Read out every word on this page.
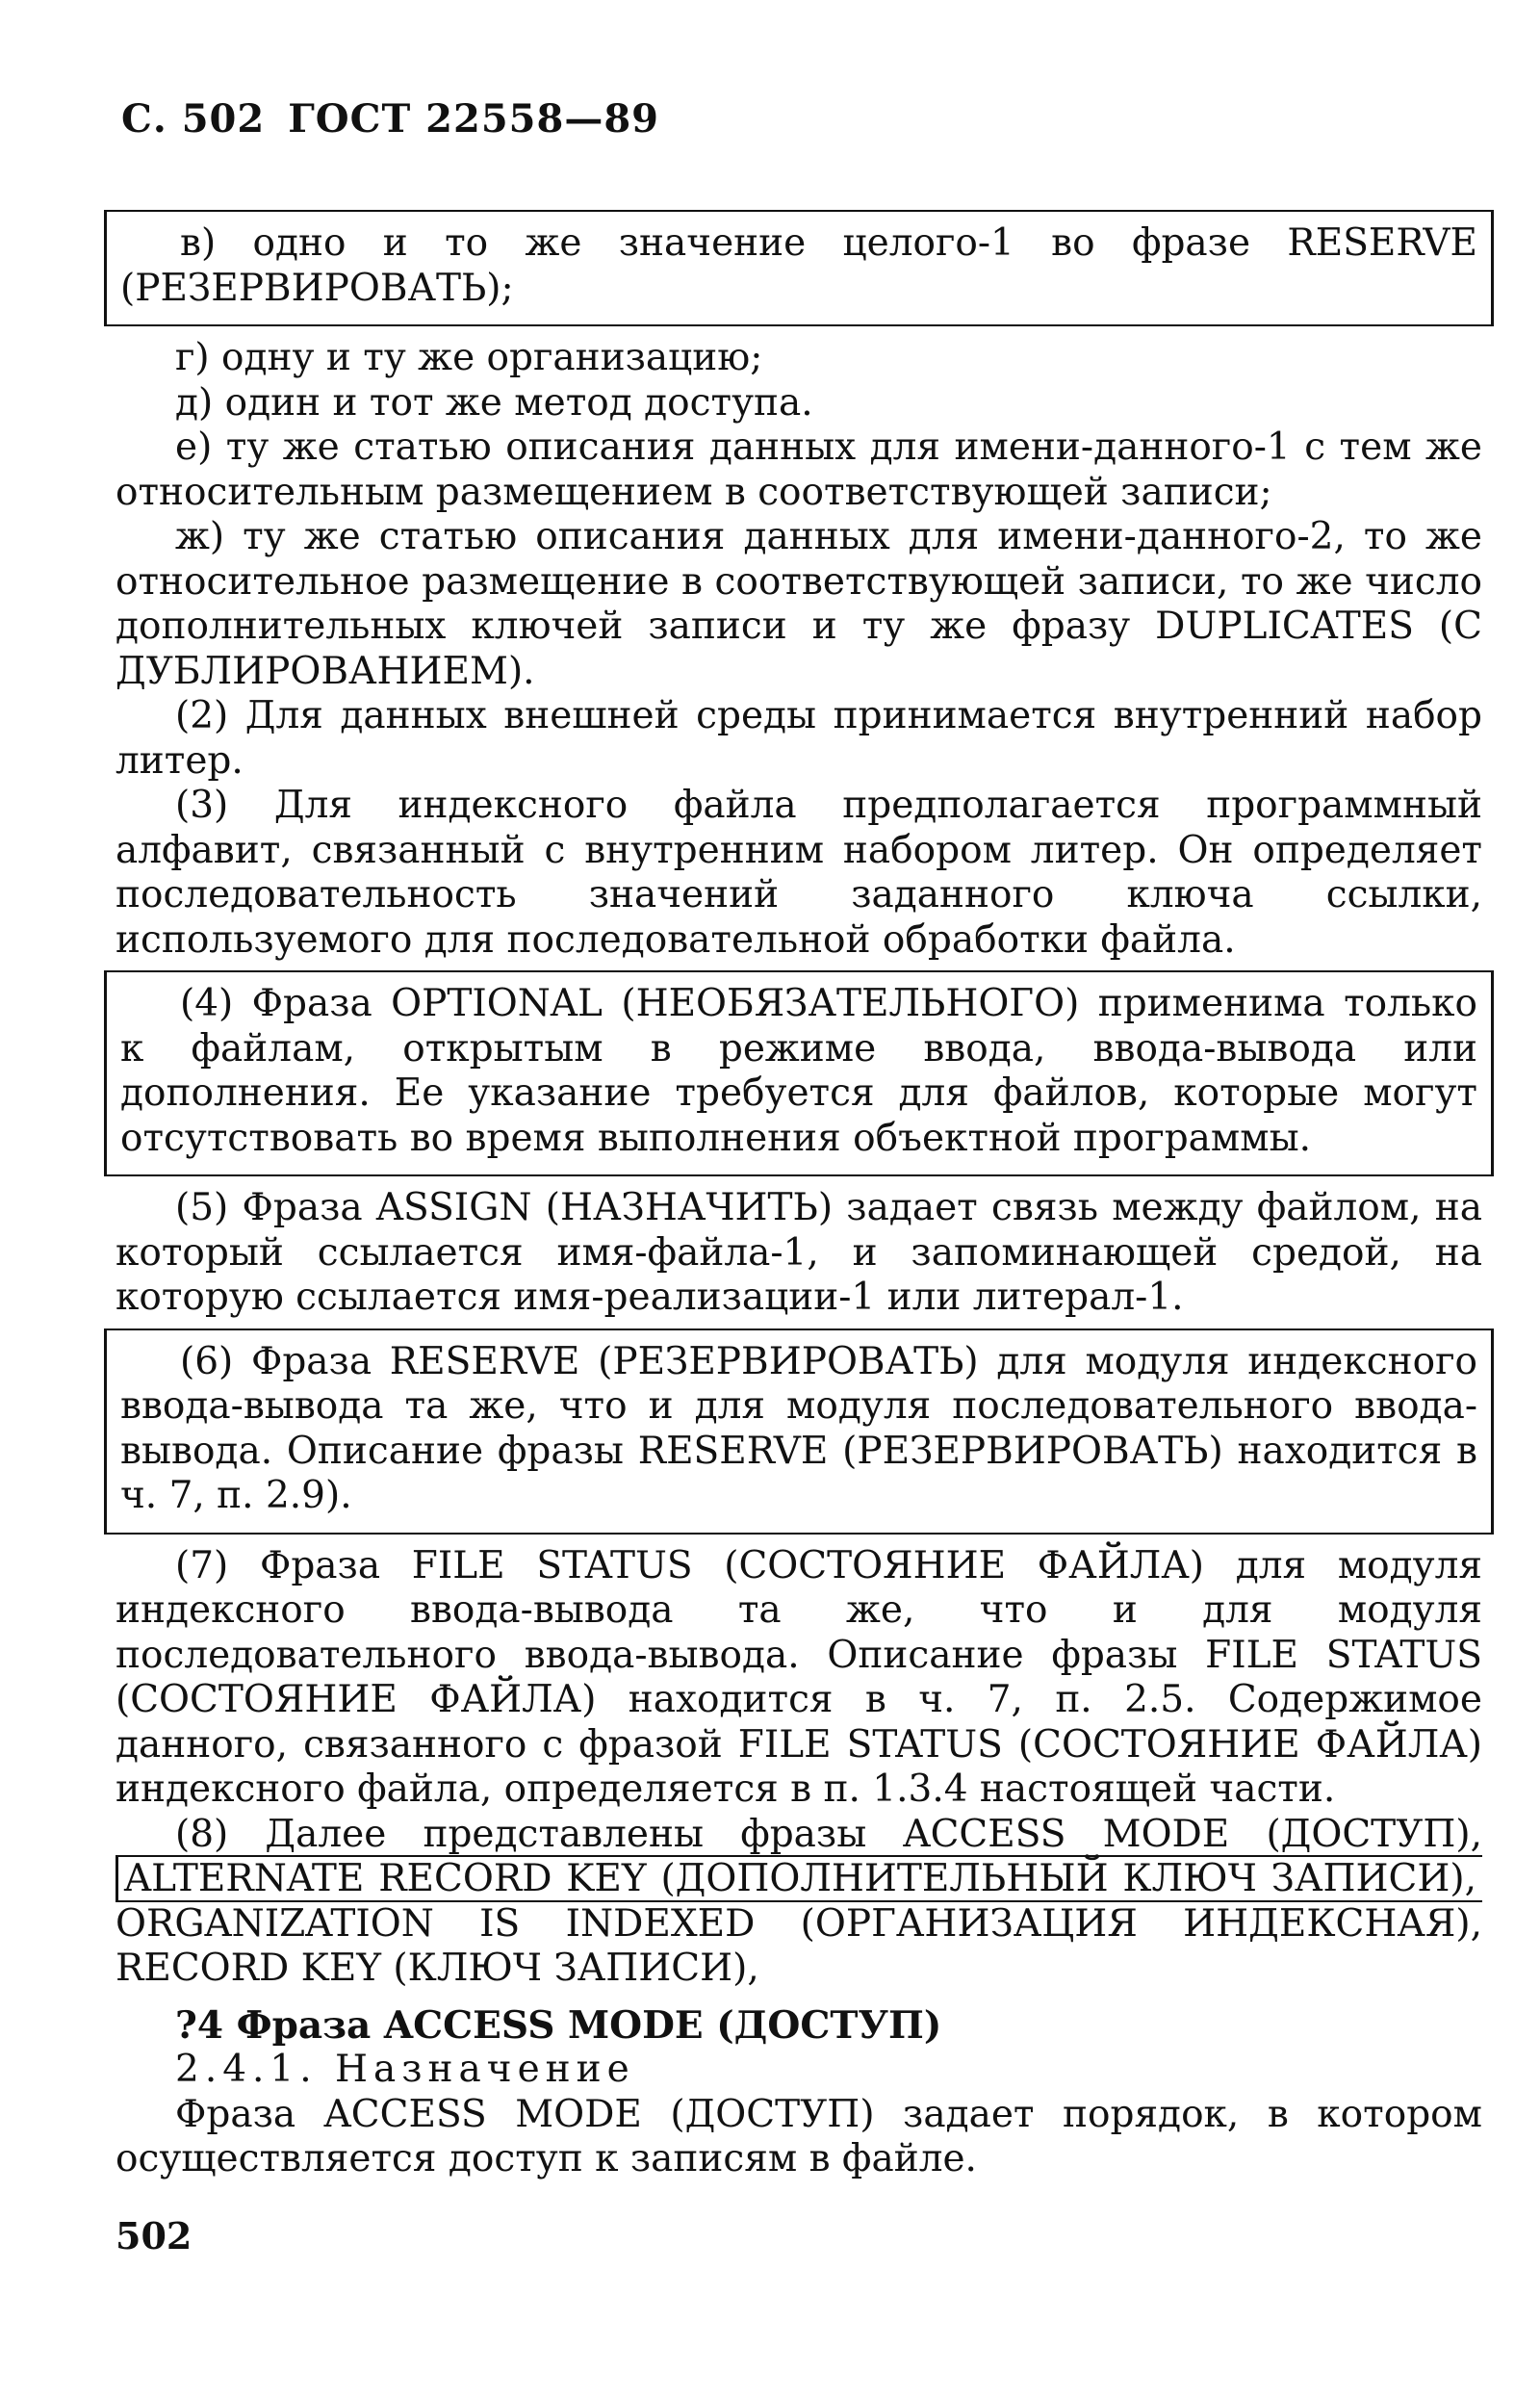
С. 502 ГОСТ 22558—89

в) одно и то же значение целого-1 во фразе RESERVE (РЕЗЕРВИРОВАТЬ);

г) одну и ту же организацию;

д) один и тот же метод доступа.

е) ту же статью описания данных для имени-данного-1 с тем же относительным размещением в соответствующей записи;

ж) ту же статью описания данных для имени-данного-2, то же относительное размещение в соответствующей записи, то же число дополнительных ключей записи и ту же фразу DUPLICATES (С ДУБЛИРОВАНИЕМ).

(2) Для данных внешней среды принимается внутренний набор литер.

(3) Для индексного файла предполагается программный алфавит, связанный с внутренним набором литер. Он определяет последовательность значений заданного ключа ссылки, используемого для последовательной обработки файла.

(4) Фраза OPTIONAL (НЕОБЯЗАТЕЛЬНОГО) применима только к файлам, открытым в режиме ввода, ввода-вывода или дополнения. Ее указание требуется для файлов, которые могут отсутствовать во время выполнения объектной программы.

(5) Фраза ASSIGN (НАЗНАЧИТЬ) задает связь между файлом, на который ссылается имя-файла-1, и запоминающей средой, на которую ссылается имя-реализации-1 или литерал-1.

(6) Фраза RESERVE (РЕЗЕРВИРОВАТЬ) для модуля индексного ввода-вывода та же, что и для модуля последовательного ввода-вывода. Описание фразы RESERVE (РЕЗЕРВИРОВАТЬ) находится в ч. 7, п. 2.9).

(7) Фраза FILE STATUS (СОСТОЯНИЕ ФАЙЛА) для модуля индексного ввода-вывода та же, что и для модуля последовательного ввода-вывода. Описание фразы FILE STATUS (СОСТОЯНИЕ ФАЙЛА) находится в ч. 7, п. 2.5. Содержимое данного, связанного с фразой FILE STATUS (СОСТОЯНИЕ ФАЙЛА) индексного файла, определяется в п. 1.3.4 настоящей части.

(8) Далее представлены фразы ACCESS MODE (ДОСТУП), ALTERNATE RECORD KEY (ДОПОЛНИТЕЛЬНЫЙ КЛЮЧ ЗАПИСИ), ORGANIZATION IS INDEXED (ОРГАНИЗАЦИЯ ИНДЕКСНАЯ), RECORD KEY (КЛЮЧ ЗАПИСИ),

?4 Фраза ACCESS MODE (ДОСТУП)

2.4.1. Назначение

Фраза ACCESS MODE (ДОСТУП) задает порядок, в котором осуществляется доступ к записям в файле.

502
